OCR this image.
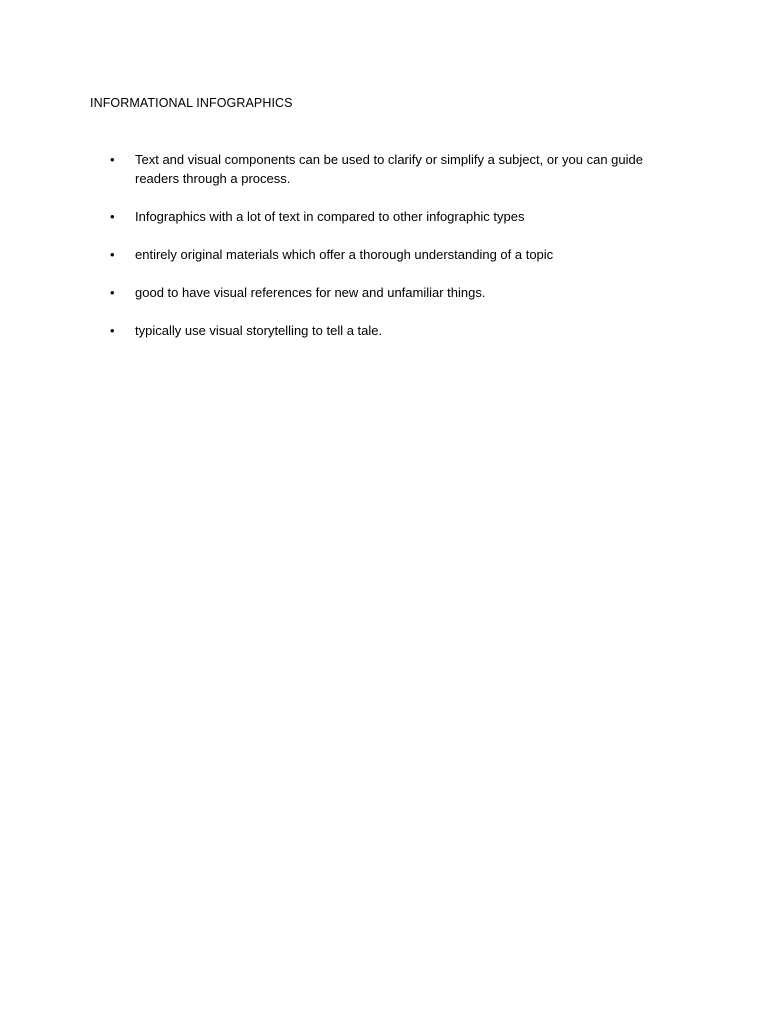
INFORMATIONAL INFOGRAPHICS
•	Text and visual components can be used to clarify or simplify a subject, or you can guide readers through a process.
•	Infographics with a lot of text in compared to other infographic types
•	entirely original materials which offer a thorough understanding of a topic
•	good to have visual references for new and unfamiliar things.
•	typically use visual storytelling to tell a tale.
